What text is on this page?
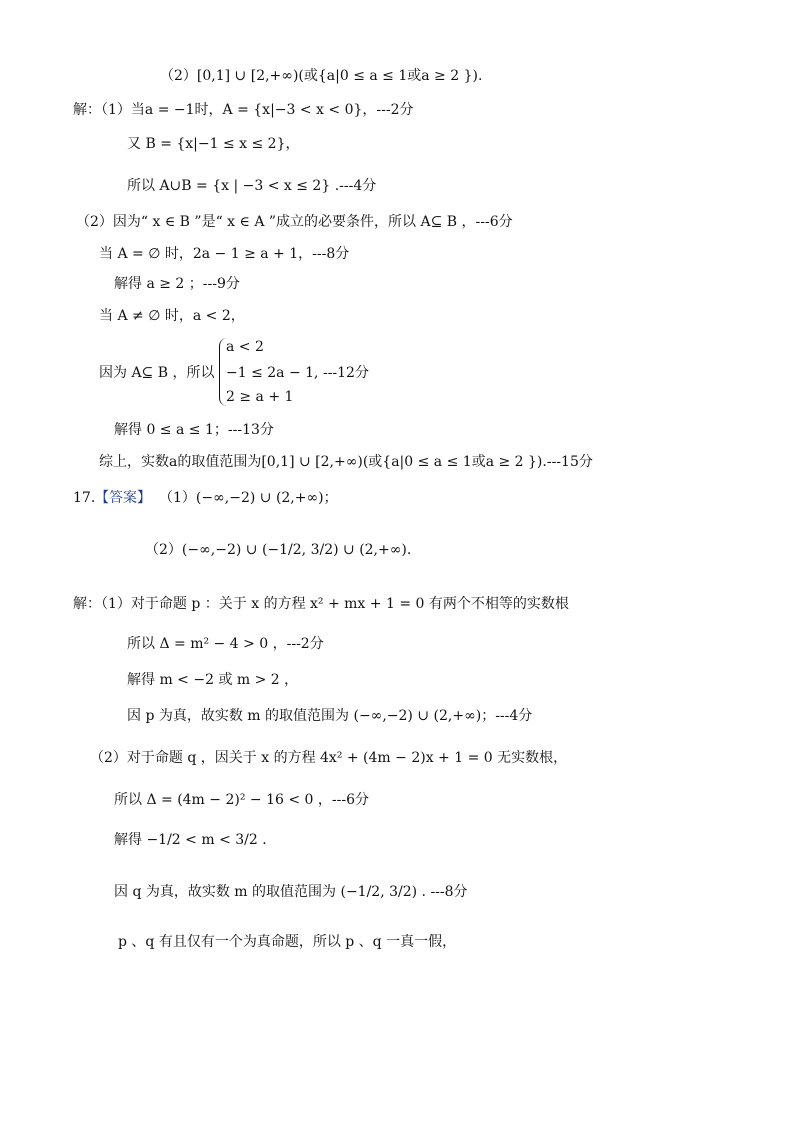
（2）[0,1] ∪ [2,+∞)(或{a|0 ≤ a ≤ 1或a ≥ 2 }).
解：（1）当a = −1时，A = {x|−3 < x < 0}，---2分
又 B = {x|−1 ≤ x ≤ 2}，
所以 A∪B = {x | −3 < x ≤ 2} .---4分
（2）因为“ x ∈ B ”是“ x ∈ A ”成立的必要条件，所以 A⊆ B ，---6分
当 A = ∅ 时，2a − 1 ≥ a + 1，---8分
解得 a ≥ 2 ；---9分
当 A ≠ ∅ 时，a < 2，
因为 A⊆ B ，所以
a < 2
−1 ≤ 2a − 1, ---12分
2 ≥ a + 1
解得 0 ≤ a ≤ 1；---13分
综上，实数a的取值范围为[0,1] ∪ [2,+∞)(或{a|0 ≤ a ≤ 1或a ≥ 2 }).---15分
17. 【答案】 （1）(−∞,−2) ∪ (2,+∞)；
（2）(−∞,−2) ∪ (−1/2, 3/2) ∪ (2,+∞).
解：（1）对于命题 p ：关于 x 的方程 x² + mx + 1 = 0 有两个不相等的实数根
所以 Δ = m² − 4 > 0 ，---2分
解得 m < −2 或 m > 2 ，
因 p 为真，故实数 m 的取值范围为 (−∞,−2) ∪ (2,+∞)；---4分
（2）对于命题 q ，因关于 x 的方程 4x² + (4m − 2)x + 1 = 0 无实数根，
所以 Δ = (4m − 2)² − 16 < 0 ，---6分
解得 −1/2 < m < 3/2 .
因 q 为真，故实数 m 的取值范围为 (−1/2, 3/2) . ---8分
p 、q 有且仅有一个为真命题，所以 p 、q 一真一假，
